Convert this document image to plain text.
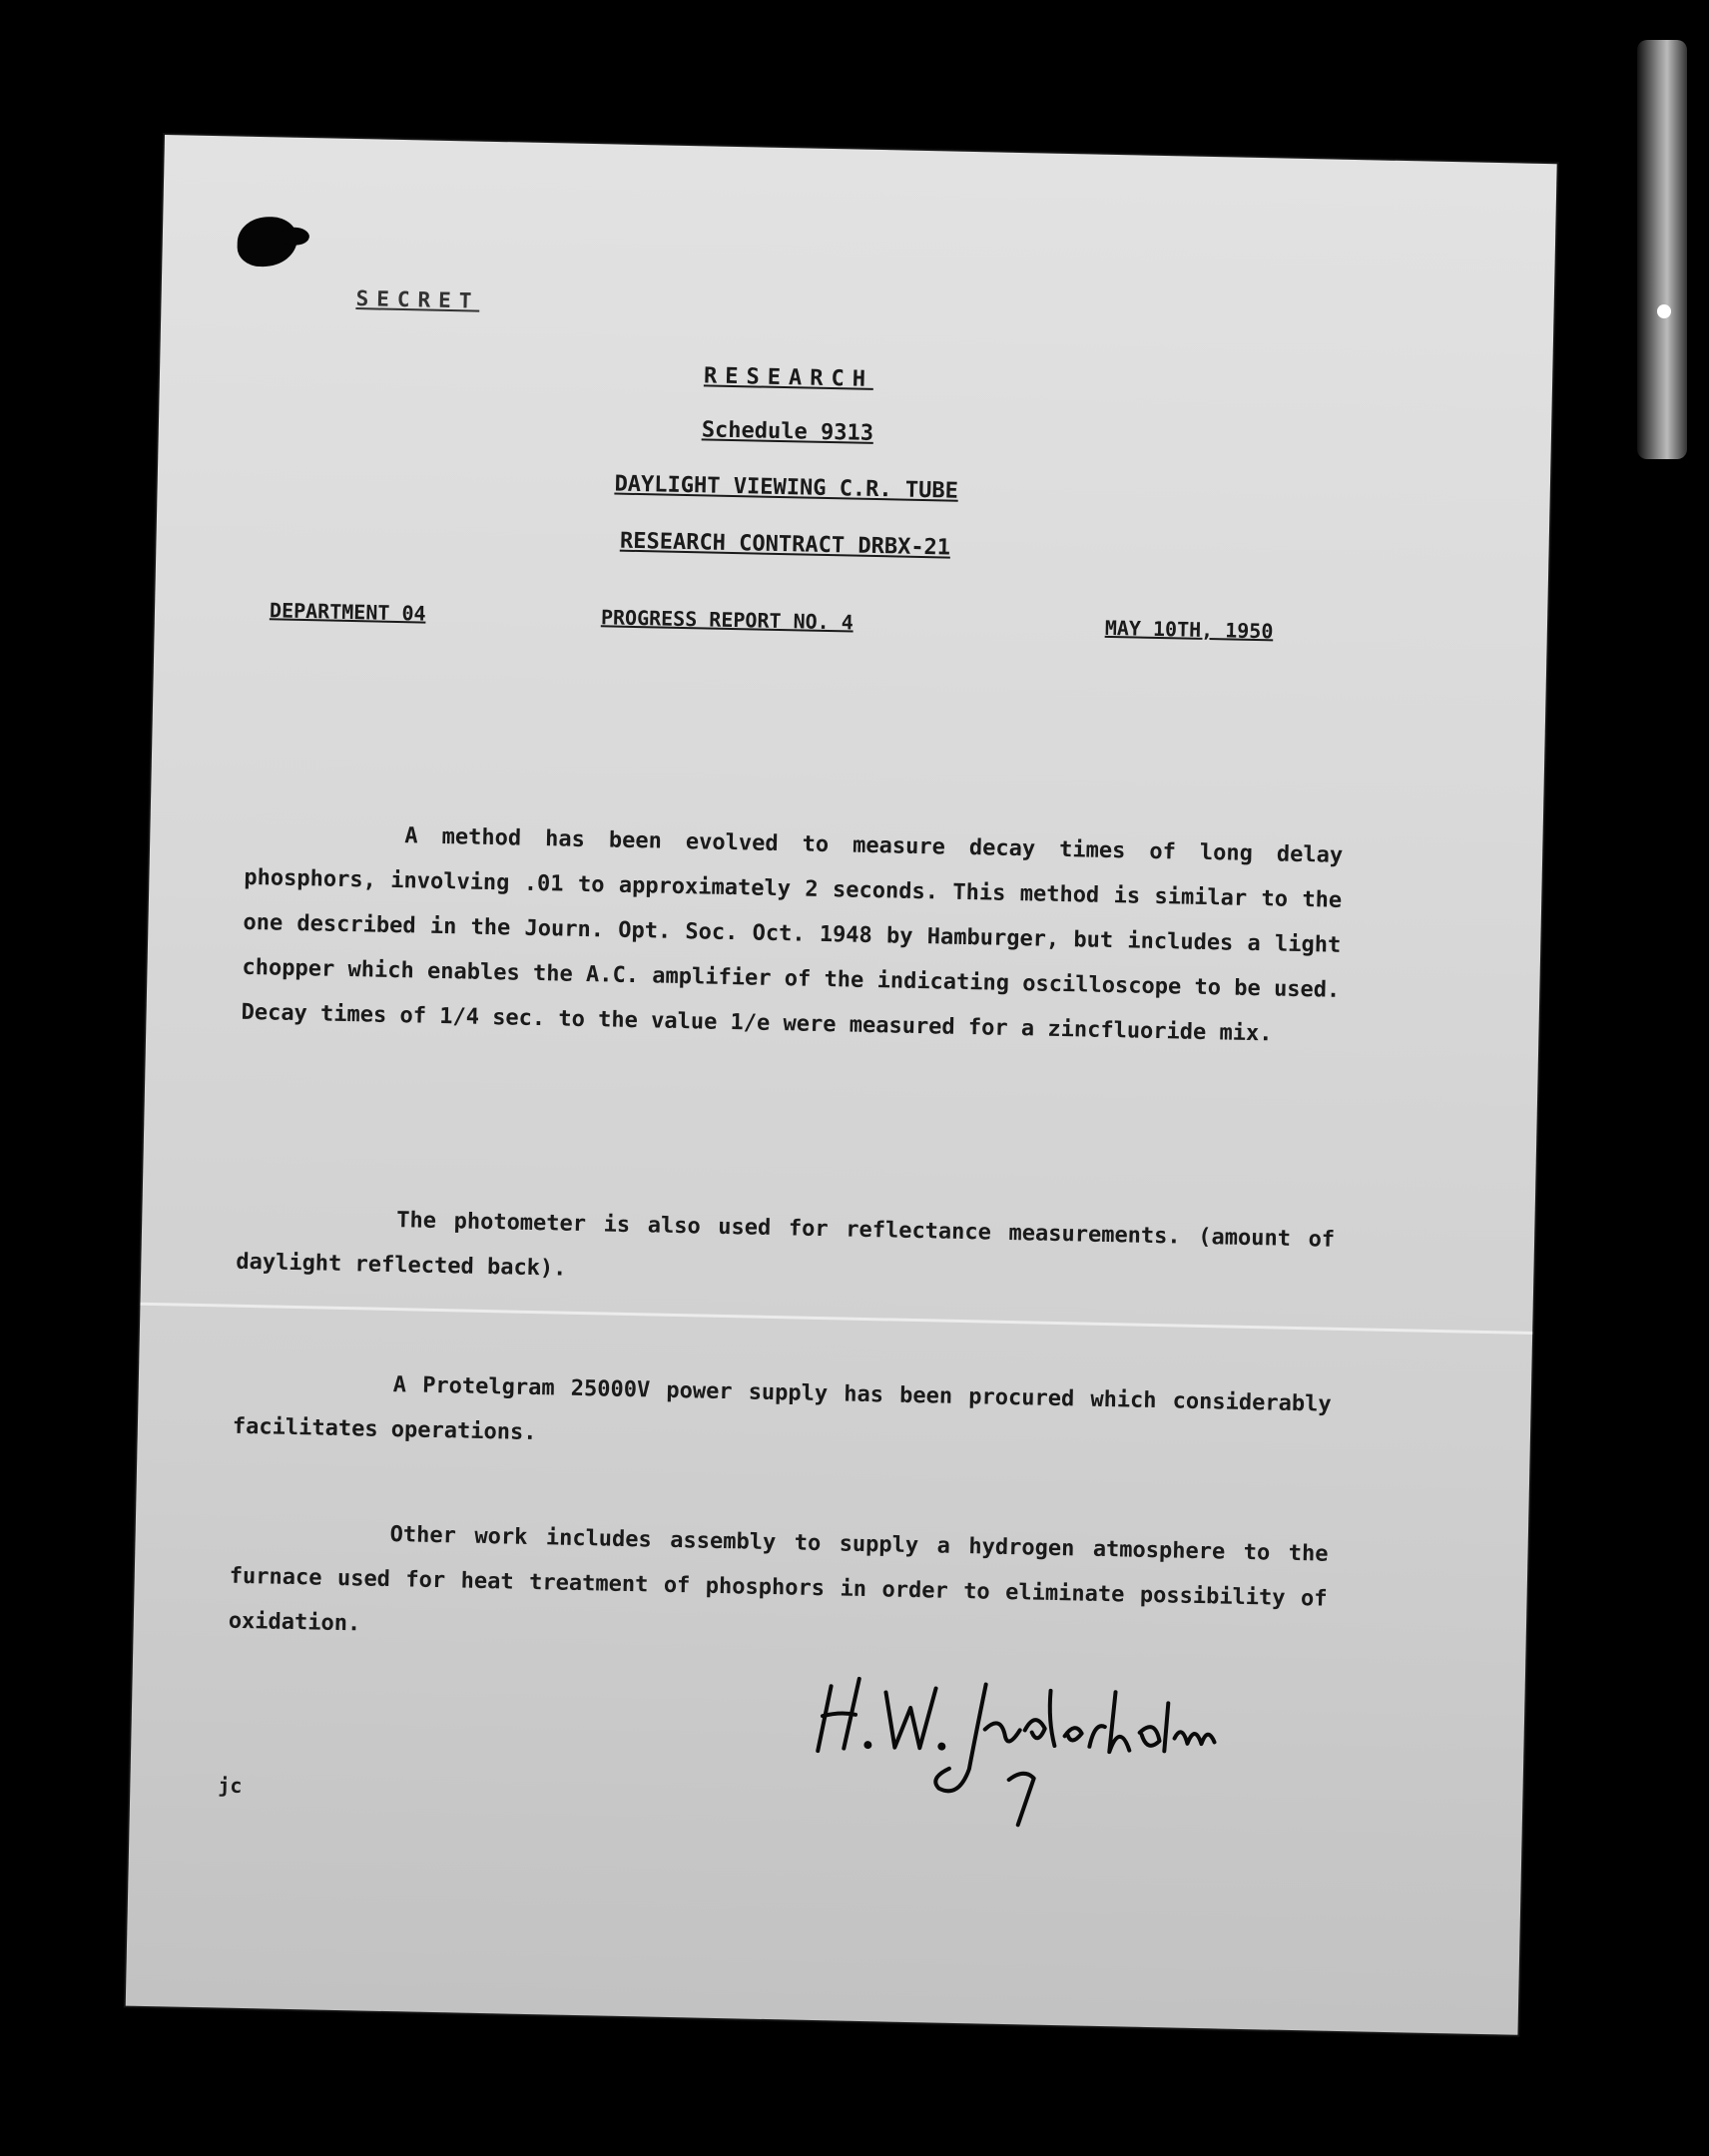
SECRET
RESEARCH
Schedule 9313
DAYLIGHT VIEWING C.R. TUBE
RESEARCH CONTRACT DRBX-21
DEPARTMENT 04	PROGRESS REPORT NO. 4	MAY 10TH, 1950
A method has been evolved to measure decay times of long delay phosphors, involving .01 to approximately 2 seconds. This method is similar to the one described in the Journ. Opt. Soc. Oct. 1948 by Hamburger, but includes a light chopper which enables the A.C. amplifier of the indicating oscilloscope to be used. Decay times of 1/4 sec. to the value 1/e were measured for a zincfluoride mix.
The photometer is also used for reflectance measurements. (amount of daylight reflected back).
A Protelgram 25000V power supply has been procured which considerably facilitates operations.
Other work includes assembly to supply a hydrogen atmosphere to the furnace used for heat treatment of phosphors in order to eliminate possibility of oxidation.
jc
